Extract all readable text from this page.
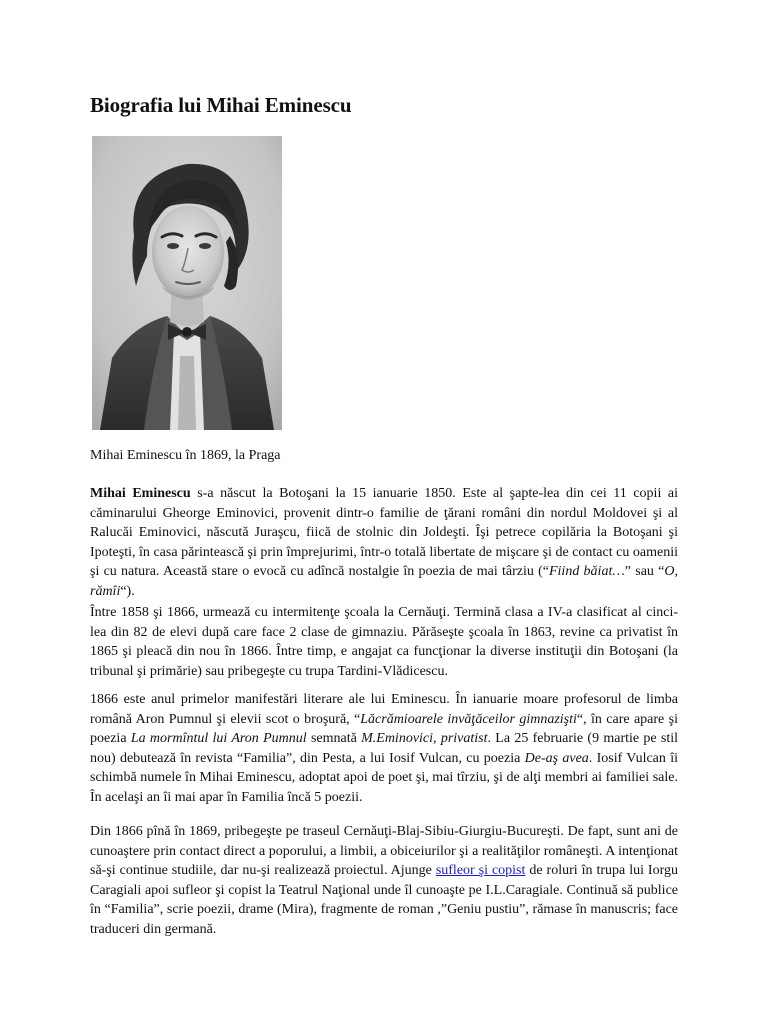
Biografia lui Mihai Eminescu
Mihai Eminescu în 1869, la Praga

Mihai Eminescu s-a născut la Botoşani la 15 ianuarie 1850. Este al şapte-lea din cei 11 copii ai căminarului Gheorge Eminovici, provenit dintr-o familie de ţărani români din nordul Moldovei şi al Ralucăi Eminovici, născută Juraşcu, fiică de stolnic din Joldeşti. Îşi petrece copilăria la Botoşani şi Ipoteşti, în casa părintească şi prin împrejurimi, într-o totală libertate de mişcare şi de contact cu oamenii şi cu natura. Această stare o evocă cu adîncă nostalgie în poezia de mai târziu (“Fiind băiat…” sau “O, rămîi“).

Între 1858 şi 1866, urmează cu intermitenţe şcoala la Cernăuţi. Termină clasa a IV-a clasificat al cinci-lea din 82 de elevi după care face 2 clase de gimnaziu. Părăseşte şcoala în 1863, revine ca privatist în 1865 şi pleacă din nou în 1866. Între timp, e angajat ca funcţionar la diverse instituţii din Botoşani (la tribunal şi primărie) sau pribegeşte cu trupa Tardini-Vlădicescu.

1866 este anul primelor manifestări literare ale lui Eminescu. În ianuarie moare profesorul de limba română Aron Pumnul şi elevii scot o broşură, “Lăcrămioarele invăţăceilor gimnazişti“, în care apare şi poezia La mormîntul lui Aron Pumnul semnată M.Eminovici, privatist. La 25 februarie (9 martie pe stil nou) debutează în revista “Familia”, din Pesta, a lui Iosif Vulcan, cu poezia De-aş avea. Iosif Vulcan îi schimbă numele în Mihai Eminescu, adoptat apoi de poet şi, mai tîrziu, şi de alţi membri ai familiei sale. În acelaşi an îi mai apar în Familia încă 5 poezii.

Din 1866 pînă în 1869, pribegeşte pe traseul Cernăuţi-Blaj-Sibiu-Giurgiu-Bucureşti. De fapt, sunt ani de cunoaştere prin contact direct a poporului, a limbii, a obiceiurilor şi a realităţilor româneşti. A intenţionat să-şi continue studiile, dar nu-şi realizează proiectul. Ajunge sufleor şi copist de roluri în trupa lui Iorgu Caragiali apoi sufleor şi copist la Teatrul Naţional unde îl cunoaşte pe I.L.Caragiale. Continuă să publice în “Familia”, scrie poezii, drame (Mira), fragmente de roman ,”Geniu pustiu”, rămase în manuscris; face traduceri din germană.
